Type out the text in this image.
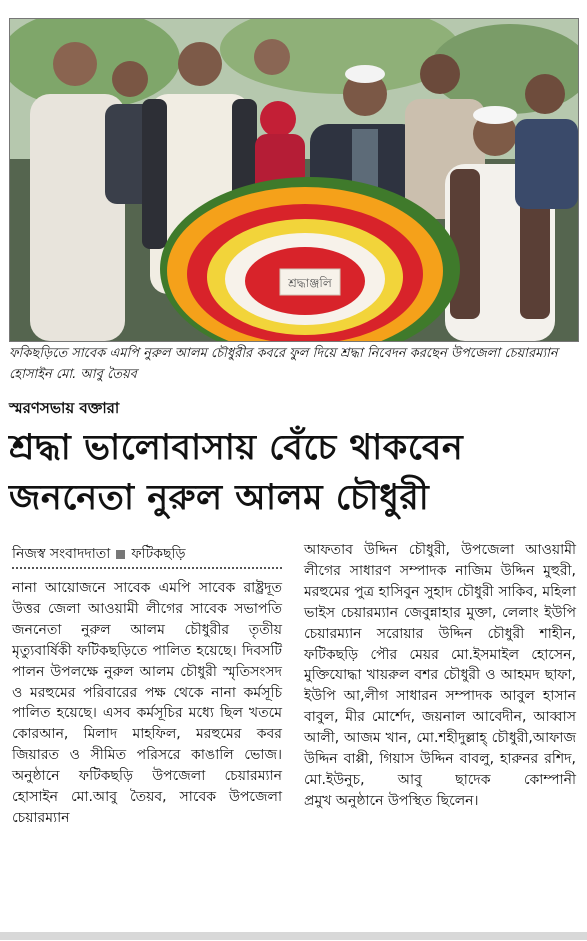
শ্রদ্ধাঞ্জলি

ফকিছড়িতে সাবেক এমপি নুরুল আলম চৌধুরীর কবরে ফুল দিয়ে শ্রদ্ধা নিবেদন করছেন উপজেলা চেয়ারম্যান হোসাইন মো. আবু তৈয়ব

স্মরণসভায় বক্তারা
শ্রদ্ধা ভালোবাসায় বেঁচে থাকবেন
জননেতা নুরুল আলম চৌধুরী
নিজস্ব সংবাদদাতা ফটিকছড়ি

নানা আয়োজনে সাবেক এমপি সাবেক রাষ্ট্রদূত উত্তর জেলা আওয়ামী লীগের সাবেক সভাপতি জননেতা নুরুল আলম চৌধুরীর তৃতীয় মৃত্যুবার্ষিকী ফটিকছড়িতে পালিত হয়েছে। দিবসটি পালন উপলক্ষে নুরুল আলম চৌধুরী স্মৃতিসংসদ ও মরহুমের পরিবারের পক্ষ থেকে নানা কর্মসূচি পালিত হয়েছে। এসব কর্মসূচির মধ্যে ছিল খতমে কোরআন, মিলাদ মাহফিল, মরহুমের কবর জিয়ারত ও সীমিত পরিসরে কাঙালি ভোজ। অনুষ্ঠানে ফটিকছড়ি উপজেলা চেয়ারম্যান হোসাইন মো.আবু তৈয়ব, সাবেক উপজেলা চেয়ারম্যান

আফতাব উদ্দিন চৌধুরী, উপজেলা আওয়ামী লীগের সাধারণ সম্পাদক নাজিম উদ্দিন মুহুরী, মরহুমের পুত্র হাসিবুন সুহাদ চৌধুরী সাকিব, মহিলা ভাইস চেয়ারম্যান জেবুন্নাহার মুক্তা, লেলাং ইউপি চেয়ারম্যান সরোয়ার উদ্দিন চৌধুরী শাহীন, ফটিকছড়ি পৌর মেয়র মো.ইসমাইল হোসেন, মুক্তিযোদ্ধা খায়রুল বশর চৌধুরী ও আহমদ ছাফা, ইউপি আ,লীগ সাধারন সম্পাদক আবুল হাসান বাবুল, মীর মোর্শেদ, জয়নাল আবেদীন, আব্বাস আলী, আজম খান, মো.শহীদুল্লাহ্ চৌধুরী,আফাজ উদ্দিন বাপ্পী, গিয়াস উদ্দিন বাবলু, হারুনর রশিদ, মো.ইউনুচ, আবু ছাদেক কোম্পানী
প্রমুখ অনুষ্ঠানে উপস্থিত ছিলেন।
